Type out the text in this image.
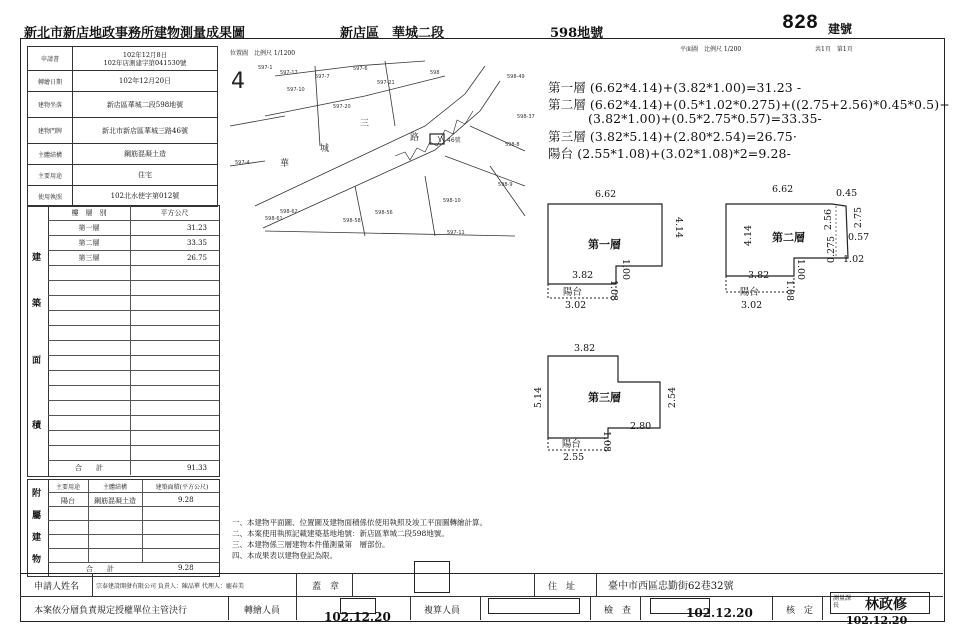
新北市新店地政事務所建物測量成果圖	新店區 華城二段	598地號	828 建號
申請書	102年12月8日
102年店測建字第041530號
轉繪日期	102年12月20日
建物坐落	新店區華城二段598地號
建物門牌	新北市新店區華城三路46號
主體結構	鋼筋混凝土造
主要用途	住宅
使用執照	102北水使字第012號
建
築
面
積
樓　層　別	平方公尺
第一層	31.23
第二層	33.35
第三層	26.75
合　　計	91.33
附
屬
建
物
主要用途	主體結構	建築面積(平方公尺)
陽台	鋼筋混凝土造	9.28
合　　計	9.28
位置圖　比例尺 1/1200
平面圖　比例尺 1/200	共1頁　第1頁
4
三
路
城
華
597-1
597-17
597-10
597-7
597-20
597-21
597-6
598
598-49
598-37
598-8
598-9
598-10
598-56
598-58
597-11
598-62
598-61
597-4
46號
第一層 (6.62*4.14)+(3.82*1.00)=31.23 -
第二層 (6.62*4.14)+(0.5*1.02*0.275)+((2.75+2.56)*0.45*0.5)+
(3.82*1.00)+(0.5*2.75*0.57)=33.35-
第三層 (3.82*5.14)+(2.80*2.54)=26.75·
陽台 (2.55*1.08)+(3.02*1.08)*2=9.28-
6.62
4.14
第一層
3.82	1.00
陽台	1.08
3.02
6.62	0.45
4.14 第二層
2.56 2.75
0.275 0.57
1.02
3.82	1.00
陽台	1.08
3.02
3.82
5.14	第三層	2.54
2.80
陽台 1.08
2.55
一、本建物平面圖、位置圖及建物面積係依使用執照及竣工平面圖轉繪計算。
二、本案使用執照記載建築基地地號：新店區華城二段598地號。
三、本建物係三層建物本件僅測量第　層部份。
四、本成果表以建物登記為限。
申請人姓名	宗泰建設開發有限公司 負責人：陳品華 代理人：龐春美	蓋　章	住　址	臺中市西區忠勤街62巷32號
本案依分層負責規定授權單位主管決行	轉繪人員	102.12.20	複算人員	檢　查	102.12.20	核　定
測量課長	林政修
102.12.20
